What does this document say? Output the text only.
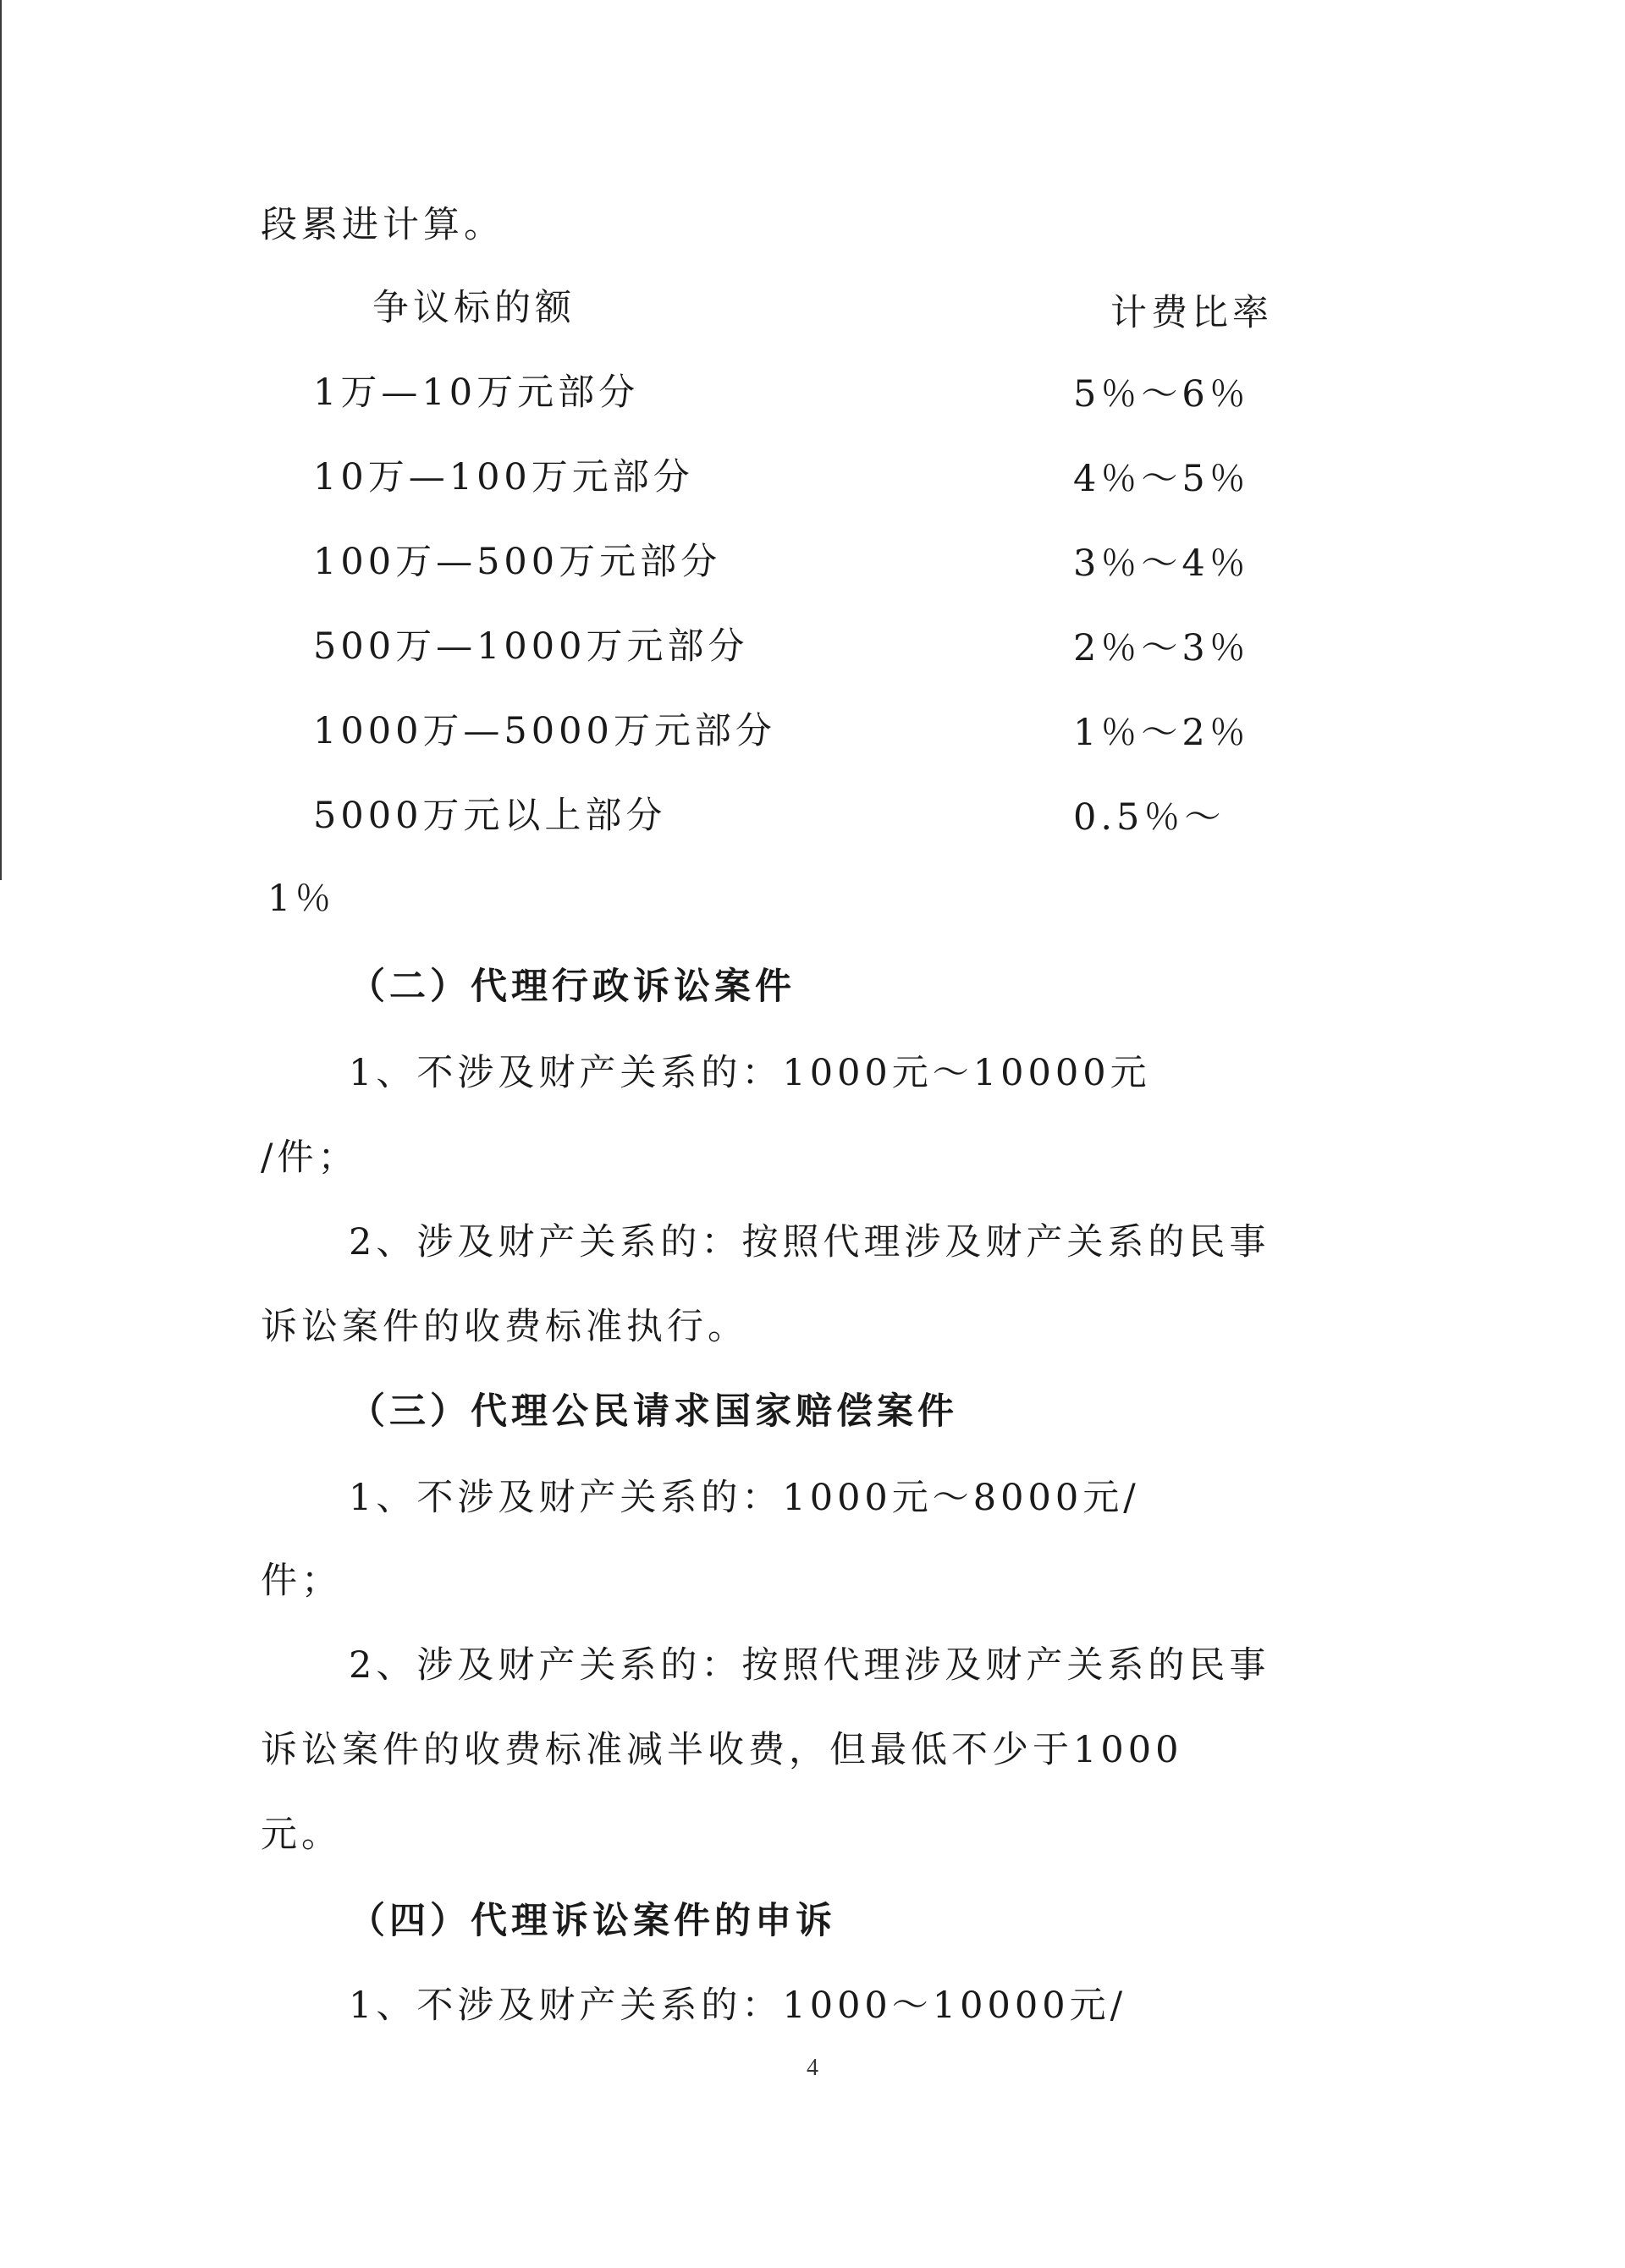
段累进计算。
争议标的额	计费比率
1万—10万元部分	5％～6％
10万—100万元部分	4％～5％
100万—500万元部分	3％～4％
500万—1000万元部分	2％～3％
1000万—5000万元部分	1％～2％
5000万元以上部分	0.5％～
1％
（二）代理行政诉讼案件
1、不涉及财产关系的：1000元～10000元
/件；
2、涉及财产关系的：按照代理涉及财产关系的民事
诉讼案件的收费标准执行。
（三）代理公民请求国家赔偿案件
1、不涉及财产关系的：1000元～8000元/
件；
2、涉及财产关系的：按照代理涉及财产关系的民事
诉讼案件的收费标准减半收费，但最低不少于1000
元。
（四）代理诉讼案件的申诉
1、不涉及财产关系的：1000～10000元/
4
